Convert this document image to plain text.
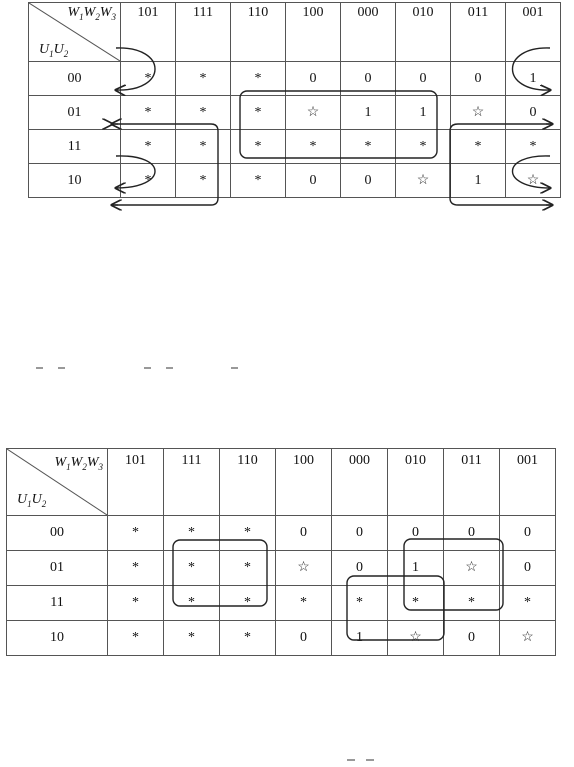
$W_1W_2W_3$
$U_1U_2$	101	111	110	100	000	010	011	001
00	*	*	*	0	0	0	0	1
01	*	*	*	☆	1	1	☆	0
11	*	*	*	*	*	*	*	*
10	*	*	*	0	0	☆	1	☆
$W_1W_2W_3$
$U_1U_2$	101	111	110	100	000	010	011	001
00	*	*	*	0	0	0	0	0
01	*	*	*	☆	0	1	☆	0
11	*	*	*	*	*	*	*	*
10	*	*	*	0	1	☆	0	☆
